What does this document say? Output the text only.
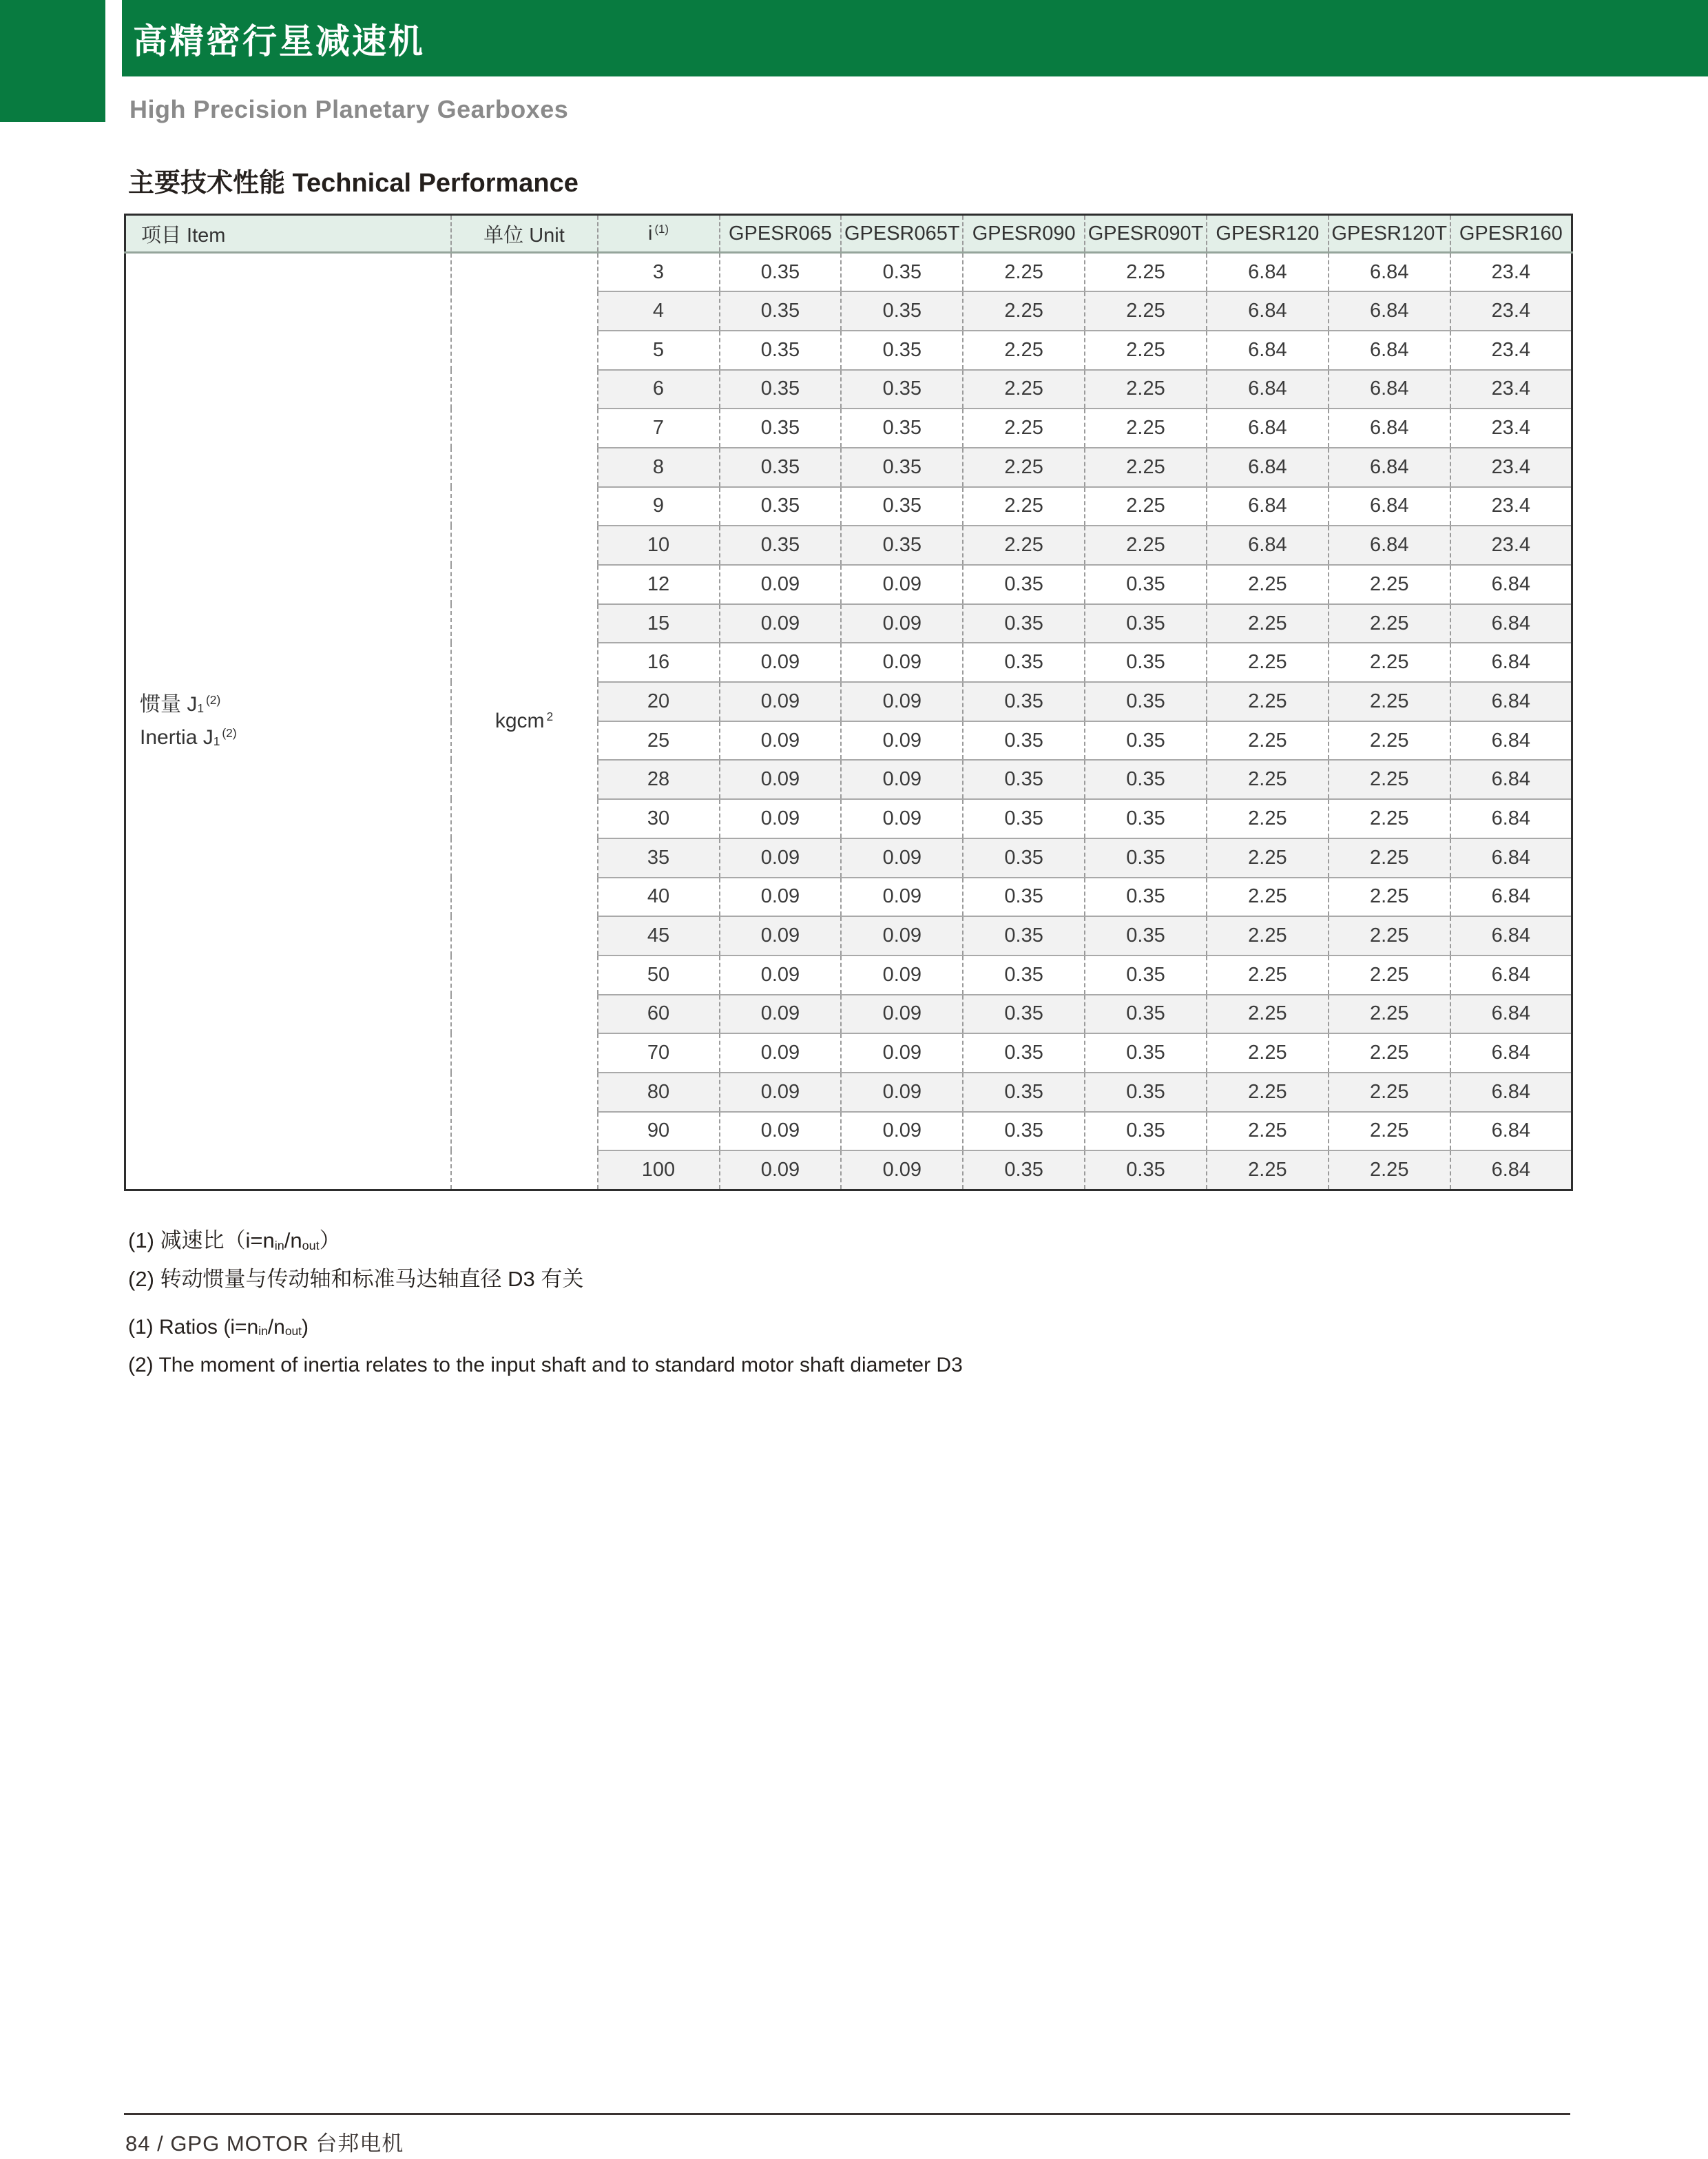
高精密行星减速机
High Precision Planetary Gearboxes
主要技术性能 Technical Performance
项目 Item	单位 Unit	i $^{(1)}$	GPESR065	GPESR065T	GPESR090	GPESR090T	GPESR120	GPESR120T	GPESR160

惯量 $J_1^{(2)}$
Inertia $J_1^{(2)}$	kgcm $^2$	3	0.35	0.35	2.25	2.25	6.84	6.84	23.4
		4	0.35	0.35	2.25	2.25	6.84	6.84	23.4
		5	0.35	0.35	2.25	2.25	6.84	6.84	23.4
		6	0.35	0.35	2.25	2.25	6.84	6.84	23.4
		7	0.35	0.35	2.25	2.25	6.84	6.84	23.4
		8	0.35	0.35	2.25	2.25	6.84	6.84	23.4
		9	0.35	0.35	2.25	2.25	6.84	6.84	23.4
		10	0.35	0.35	2.25	2.25	6.84	6.84	23.4
		12	0.09	0.09	0.35	0.35	2.25	2.25	6.84
		15	0.09	0.09	0.35	0.35	2.25	2.25	6.84
		16	0.09	0.09	0.35	0.35	2.25	2.25	6.84
		20	0.09	0.09	0.35	0.35	2.25	2.25	6.84
		25	0.09	0.09	0.35	0.35	2.25	2.25	6.84
		28	0.09	0.09	0.35	0.35	2.25	2.25	6.84
		30	0.09	0.09	0.35	0.35	2.25	2.25	6.84
		35	0.09	0.09	0.35	0.35	2.25	2.25	6.84
		40	0.09	0.09	0.35	0.35	2.25	2.25	6.84
		45	0.09	0.09	0.35	0.35	2.25	2.25	6.84
		50	0.09	0.09	0.35	0.35	2.25	2.25	6.84
		60	0.09	0.09	0.35	0.35	2.25	2.25	6.84
		70	0.09	0.09	0.35	0.35	2.25	2.25	6.84
		80	0.09	0.09	0.35	0.35	2.25	2.25	6.84
		90	0.09	0.09	0.35	0.35	2.25	2.25	6.84
		100	0.09	0.09	0.35	0.35	2.25	2.25	6.84
(1) 减速比$(i=n_{in}/n_{out})$
(2) 转动惯量与传动轴和标准马达轴直径 D3 有关
(1) Ratios $(i=n_{in}/n_{out})$
(2) The moment of inertia relates to the input shaft and to standard motor shaft diameter D3
84 / GPG MOTOR 台邦电机
